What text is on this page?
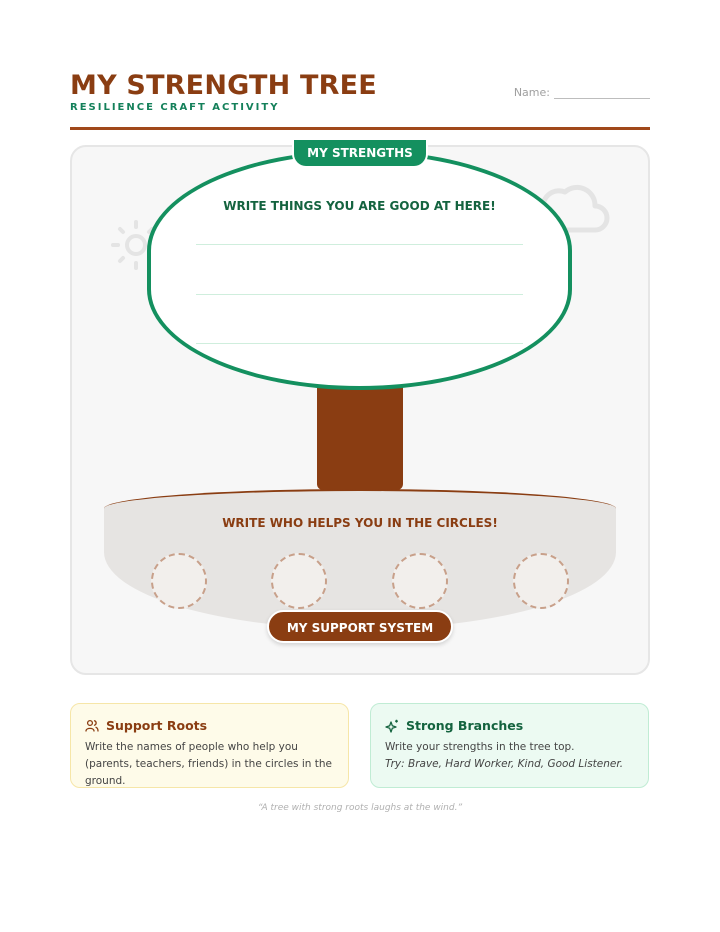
MY STRENGTH TREE
RESILIENCE CRAFT ACTIVITY
Name:
WRITE THINGS YOU ARE GOOD AT HERE!
MY STRENGTHS
WRITE WHO HELPS YOU IN THE CIRCLES!
MY SUPPORT SYSTEM
Support Roots
Write the names of people who help you (parents, teachers, friends) in the circles in the ground.
Strong Branches
Write your strengths in the tree top.
Try: Brave, Hard Worker, Kind, Good Listener.
“A tree with strong roots laughs at the wind.”
